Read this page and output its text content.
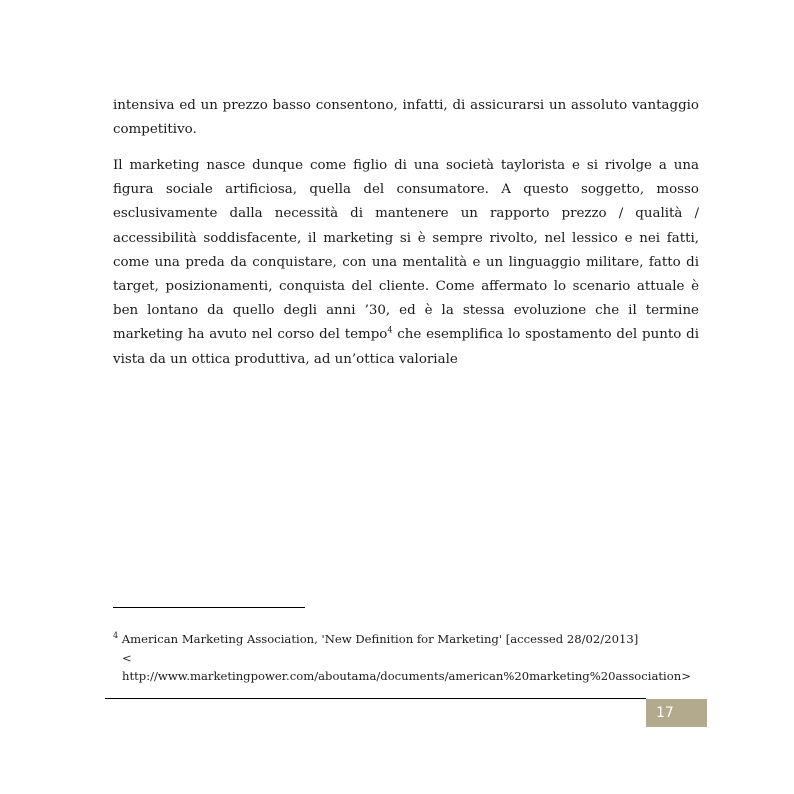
intensiva ed un prezzo basso consentono, infatti, di assicurarsi un assoluto vantaggio competitivo.

Il marketing nasce dunque come figlio di una società taylorista e si rivolge a una figura sociale artificiosa, quella del consumatore. A questo soggetto, mosso esclusivamente dalla necessità di mantenere un rapporto prezzo / qualità / accessibilità soddisfacente, il marketing si è sempre rivolto, nel lessico e nei fatti, come una preda da conquistare, con una mentalità e un linguaggio militare, fatto di target, posizionamenti, conquista del cliente. Come affermato lo scenario attuale è ben lontano da quello degli anni ’30, ed è la stessa evoluzione che il termine marketing ha avuto nel corso del tempo$^4$ che esemplifica lo spostamento del punto di vista da un ottica produttiva, ad un’ottica valoriale

$^4$ American Marketing Association, 'New Definition for Marketing' [accessed 28/02/2013]
<
http://www.marketingpower.com/aboutama/documents/american%20marketing%20association>
17
